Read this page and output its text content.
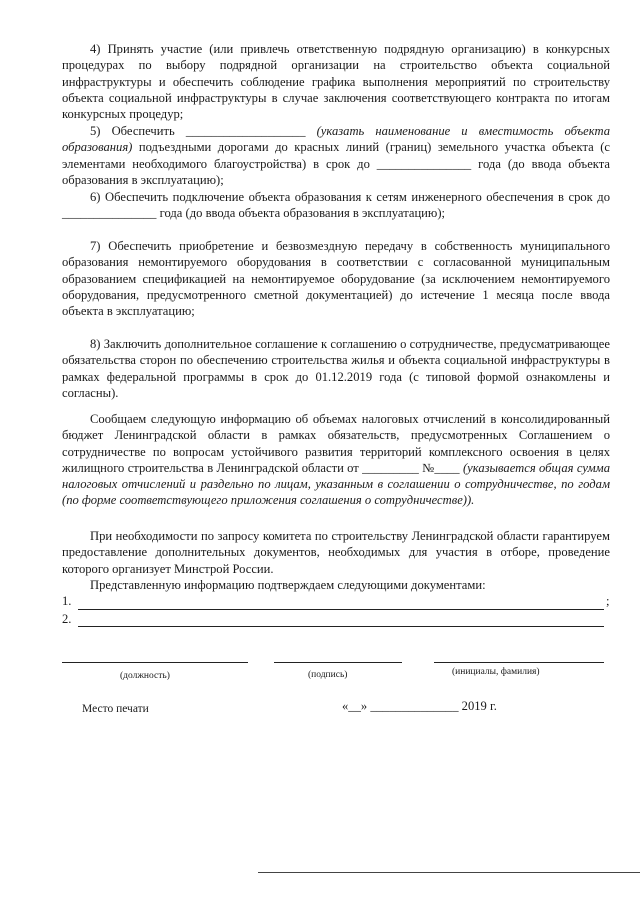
4) Принять участие (или привлечь ответственную подрядную организацию) в конкурсных процедурах по выбору подрядной организации на строительство объекта социальной инфраструктуры и обеспечить соблюдение графика выполнения мероприятий по строительству объекта социальной инфраструктуры в случае заключения соответствующего контракта по итогам конкурсных процедур;

5) Обеспечить ___________________ (указать наименование и вместимость объекта образования) подъездными дорогами до красных линий (границ) земельного участка объекта (с элементами необходимого благоустройства) в срок до _______________ года (до ввода объекта образования в эксплуатацию);

6) Обеспечить подключение объекта образования к сетям инженерного обеспечения в срок до _______________ года (до ввода объекта образования в эксплуатацию);

7) Обеспечить приобретение и безвозмездную передачу в собственность муниципального образования немонтируемого оборудования в соответствии с согласованной муниципальным образованием спецификацией на немонтируемое оборудование (за исключением немонтируемого оборудования, предусмотренного сметной документацией) до истечение 1 месяца после ввода объекта в эксплуатацию;

8) Заключить дополнительное соглашение к соглашению о сотрудничестве, предусматривающее обязательства сторон по обеспечению строительства жилья и объекта социальной инфраструктуры в рамках федеральной программы в срок до 01.12.2019 года (с типовой формой ознакомлены и согласны).

Сообщаем следующую информацию об объемах налоговых отчислений в консолидированный бюджет Ленинградской области в рамках обязательств, предусмотренных Соглашением о сотрудничестве по вопросам устойчивого развития территорий комплексного освоения в целях жилищного строительства в Ленинградской области от _________ №____ (указывается общая сумма налоговых отчислений и раздельно по лицам, указанным в соглашении о сотрудничестве, по годам (по форме соответствующего приложения соглашения о сотрудничестве)).

При необходимости по запросу комитета по строительству Ленинградской области гарантируем предоставление дополнительных документов, необходимых для участия в отборе, проведение которого организует Минстрой России.

Представленную информацию подтверждаем следующими документами:

1.	;
2.
(должность)	(подпись)	(инициалы, фамилия)
Место печати	«__» ______________ 2019 г.
